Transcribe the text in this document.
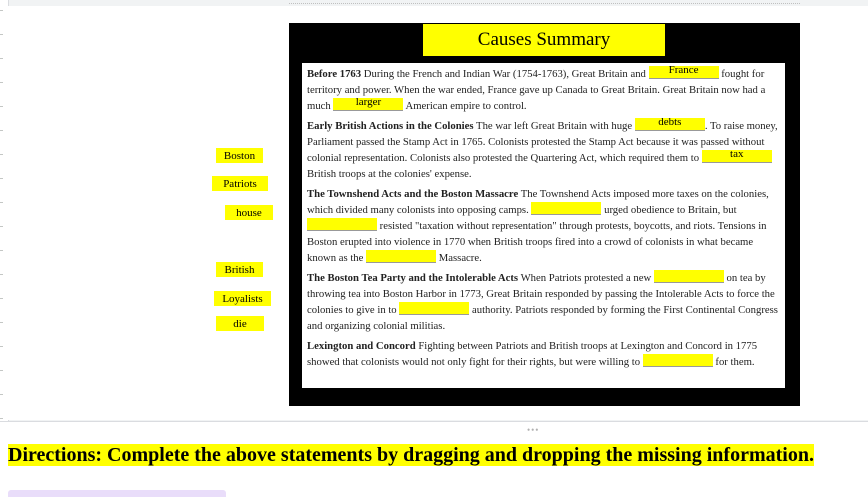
Causes Summary
Before 1763 During the French and Indian War (1754-1763), Great Britain and	France	fought for territory and power. When the war ended, France gave up Canada to Great Britain. Great Britain now had a much	larger	American empire to control.
Early British Actions in the Colonies The war left Great Britain with huge	debts	. To raise money, Parliament passed the Stamp Act in 1765. Colonists protested the Stamp Act because it was passed without colonial representation. Colonists also protested the Quartering Act, which required them to	tax
British troops at the colonies' expense.
The Townshend Acts and the Boston Massacre The Townshend Acts imposed more taxes on the colonies, which divided many colonists into opposing camps.	urged obedience to Britain, but  resisted "taxation without representation" through protests, boycotts, and riots. Tensions in Boston erupted into violence in 1770 when British troops fired into a crowd of colonists in what became known as the	Massacre.
The Boston Tea Party and the Intolerable Acts When Patriots protested a new	on tea by throwing tea into Boston Harbor in 1773, Great Britain responded by passing the Intolerable Acts to force the colonies to give in to	authority. Patriots responded by forming the First Continental Congress and organizing colonial militias.
Lexington and Concord Fighting between Patriots and British troops at Lexington and Concord in 1775 showed that colonists would not only fight for their rights, but were willing to	for them.
Boston
Patriots
house
British
Loyalists
die
•••
Directions: Complete the above statements by dragging and dropping the missing information.
